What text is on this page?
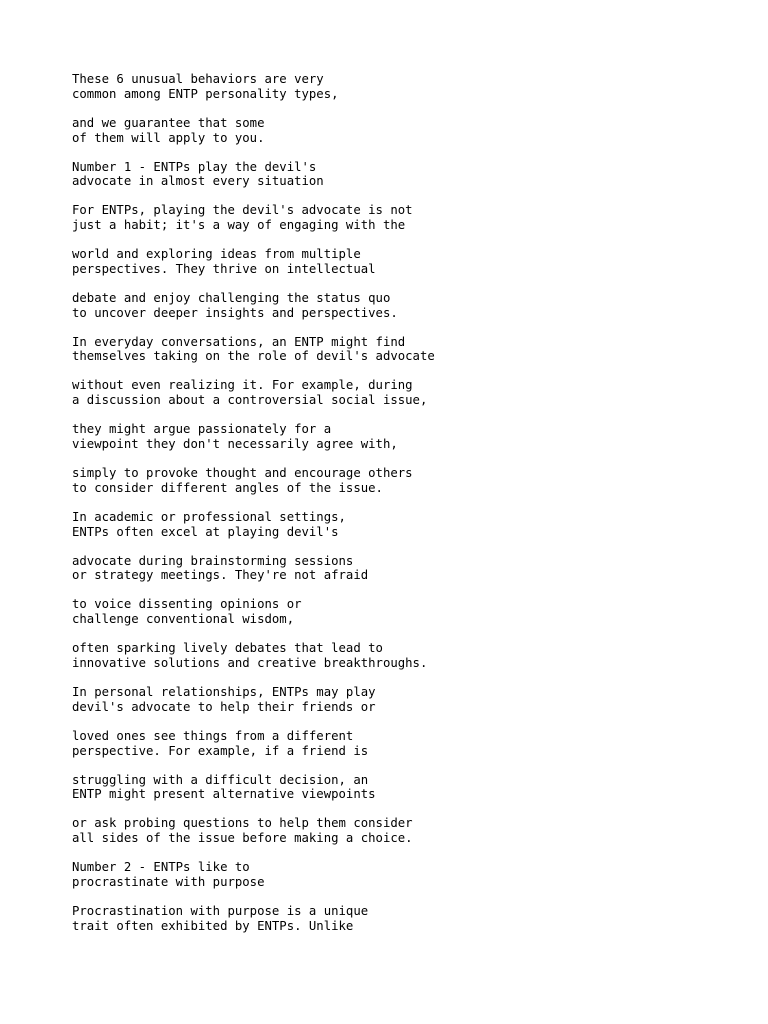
These 6 unusual behaviors are very
common among ENTP personality types,
and we guarantee that some
of them will apply to you.
Number 1 - ENTPs play the devil's
advocate in almost every situation
For ENTPs, playing the devil's advocate is not
just a habit; it's a way of engaging with the
world and exploring ideas from multiple
perspectives. They thrive on intellectual
debate and enjoy challenging the status quo
to uncover deeper insights and perspectives.
In everyday conversations, an ENTP might find
themselves taking on the role of devil's advocate
without even realizing it. For example, during
a discussion about a controversial social issue,
they might argue passionately for a
viewpoint they don't necessarily agree with,
simply to provoke thought and encourage others
to consider different angles of the issue.
In academic or professional settings,
ENTPs often excel at playing devil's
advocate during brainstorming sessions
or strategy meetings. They're not afraid
to voice dissenting opinions or
challenge conventional wisdom,
often sparking lively debates that lead to
innovative solutions and creative breakthroughs.
In personal relationships, ENTPs may play
devil's advocate to help their friends or
loved ones see things from a different
perspective. For example, if a friend is
struggling with a difficult decision, an
ENTP might present alternative viewpoints
or ask probing questions to help them consider
all sides of the issue before making a choice.
Number 2 - ENTPs like to
procrastinate with purpose
Procrastination with purpose is a unique
trait often exhibited by ENTPs. Unlike
